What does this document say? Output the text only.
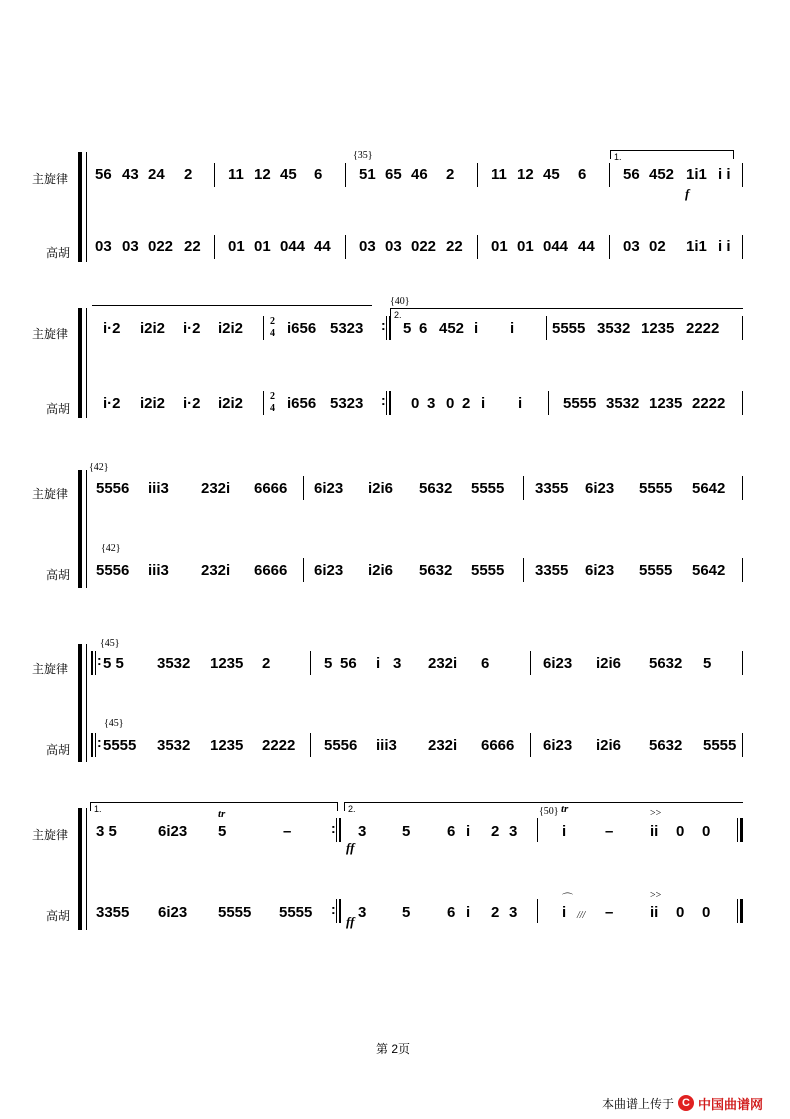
主旋律
高胡
{35}	1.
56 43 24 2 11 12 45 6 51 65 46 2 11 12 45 6 56 452 1i1 i i
f
03 03 022 22 01 01 044 44 03 03 022 22 01 01 044 44 03 02 1i1 i i
主旋律
高胡
{40}
2.
i·2 i2i2 i·2 i2i2	2
4 i656 5323 : 5 6 452 i i	5555 3532 1235 2222
i·2 i2i2 i·2 i2i2	2
4 i656 5323 : 0 3 0 2 i i	5555 3532 1235 2222
主旋律
高胡
{42}
{42}
5556 iii3 232i 6666 6i23 i2i6 5632 5555 3355 6i23 5555 5642
5556 iii3 232i 6666 6i23 i2i6 5632 5555 3355 6i23 5555 5642
主旋律
高胡
{45}
{45}
: 5 5 3532 1235 2	5 56 i 3 232i 6	6i23 i2i6 5632 5
: 5555 3532 1235 2222 5556 iii3 232i 6666 6i23 i2i6 5632 5555
主旋律
高胡
1.	2.	{50}
3 5	6i23
tr
5	–	: 3
ff
5 6 i 2 3
tr
i	–
>>
ii 0 0
3355 6i23 5555 5555 : 3
ff
5 6 i 2 3
⌒
i /// –
>>
ii 0 0
第 2页
本曲谱上传于 C 中国曲谱网
